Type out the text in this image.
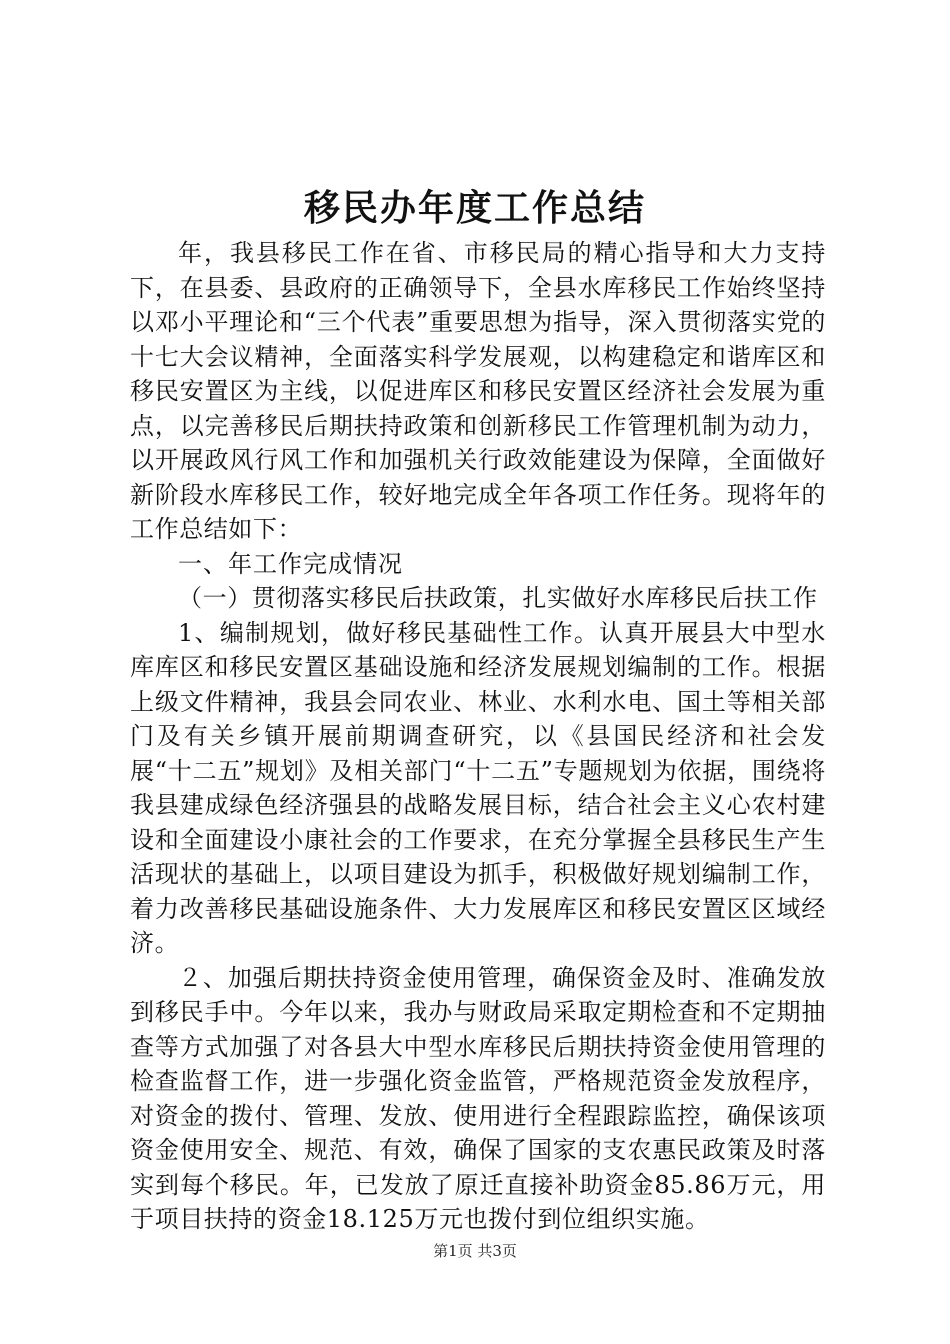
移民办年度工作总结

年，我县移民工作在省、市移民局的精心指导和大力支持下，在县委、县政府的正确领导下，全县水库移民工作始终坚持以邓小平理论和“三个代表”重要思想为指导，深入贯彻落实党的十七大会议精神，全面落实科学发展观，以构建稳定和谐库区和移民安置区为主线，以促进库区和移民安置区经济社会发展为重点，以完善移民后期扶持政策和创新移民工作管理机制为动力，以开展政风行风工作和加强机关行政效能建设为保障，全面做好新阶段水库移民工作，较好地完成全年各项工作任务。现将年的工作总结如下：

一、年工作完成情况

（一）贯彻落实移民后扶政策，扎实做好水库移民后扶工作

1、编制规划，做好移民基础性工作。认真开展县大中型水库库区和移民安置区基础设施和经济发展规划编制的工作。根据上级文件精神，我县会同农业、林业、水利水电、国土等相关部门及有关乡镇开展前期调查研究，以《县国民经济和社会发展“十二五”规划》及相关部门“十二五”专题规划为依据，围绕将我县建成绿色经济强县的战略发展目标，结合社会主义心农村建设和全面建设小康社会的工作要求，在充分掌握全县移民生产生活现状的基础上，以项目建设为抓手，积极做好规划编制工作，着力改善移民基础设施条件、大力发展库区和移民安置区区域经济。

２、加强后期扶持资金使用管理，确保资金及时、准确发放到移民手中。今年以来，我办与财政局采取定期检查和不定期抽查等方式加强了对各县大中型水库移民后期扶持资金使用管理的检查监督工作，进一步强化资金监管，严格规范资金发放程序，对资金的拨付、管理、发放、使用进行全程跟踪监控，确保该项资金使用安全、规范、有效，确保了国家的支农惠民政策及时落实到每个移民。年，已发放了原迁直接补助资金85.86万元，用于项目扶持的资金18.125万元也拨付到位组织实施。

第1页 共3页
